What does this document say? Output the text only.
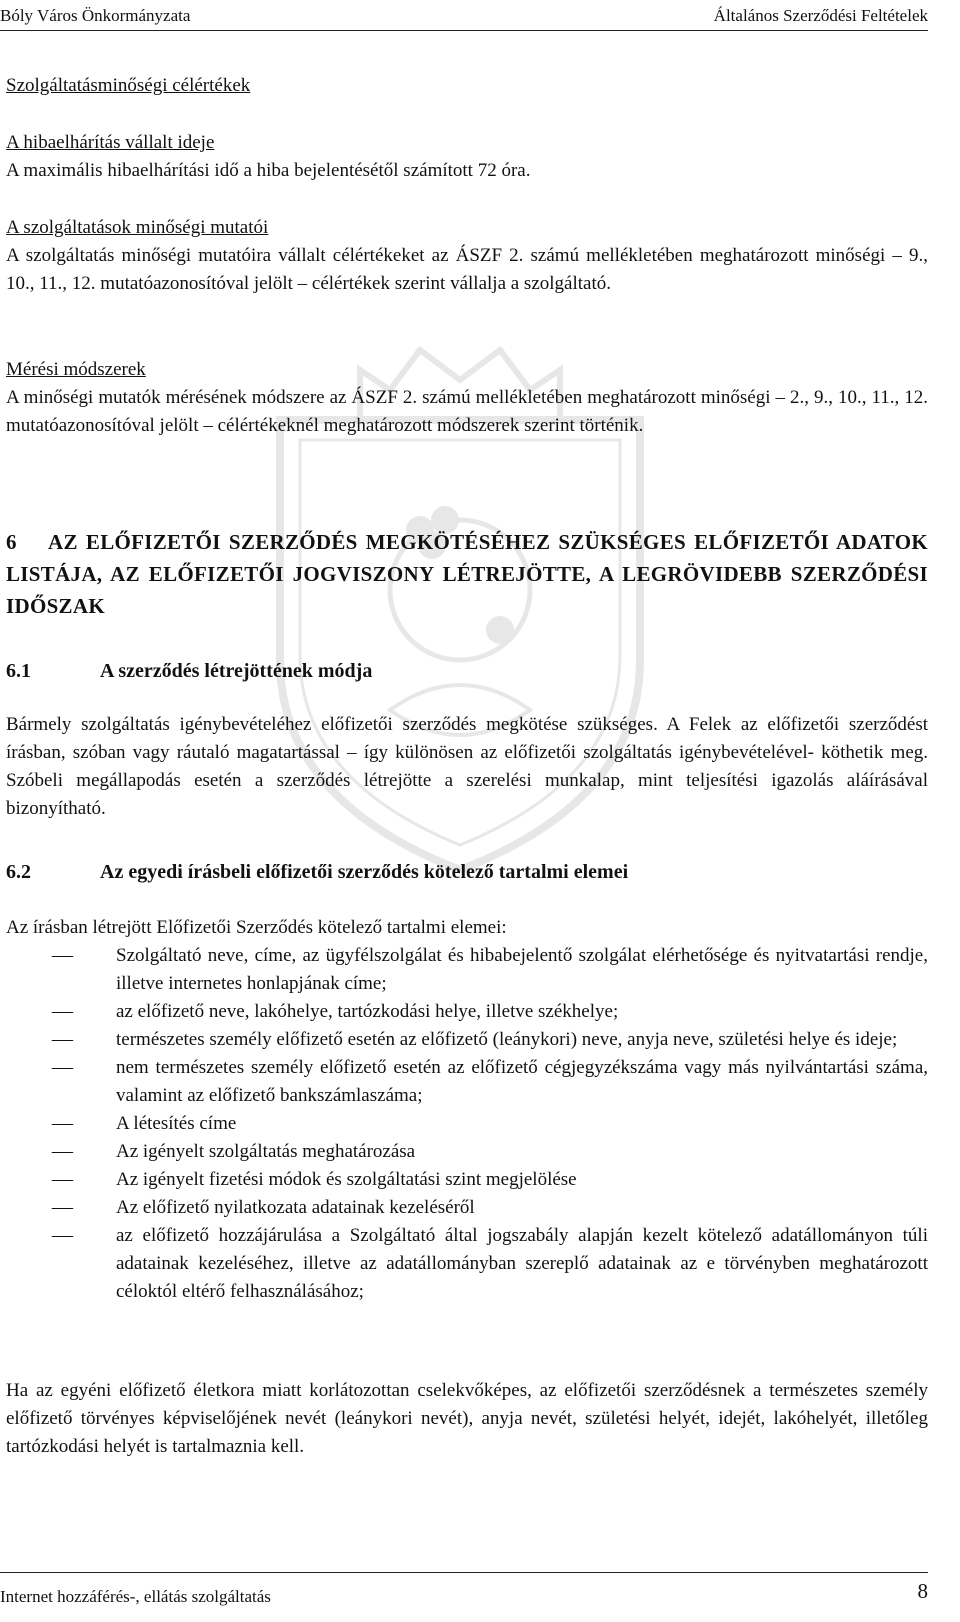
Bóly Város Önkormányzata	Általános Szerződési Feltételek
Szolgáltatásminőségi célértékek
A hibaelhárítás vállalt ideje
A maximális hibaelhárítási idő a hiba bejelentésétől számított 72 óra.
A szolgáltatások minőségi mutatói

A szolgáltatás minőségi mutatóira vállalt célértékeket az ÁSZF 2. számú mellékletében meghatározott minőségi – 9., 10., 11., 12. mutatóazonosítóval jelölt – célértékek szerint vállalja a szolgáltató.

Mérési módszerek

A minőségi mutatók mérésének módszere az ÁSZF 2. számú mellékletében meghatározott minőségi – 2., 9., 10., 11., 12. mutatóazonosítóval jelölt – célértékeknél meghatározott módszerek szerint történik.

6 AZ ELŐFIZETŐI SZERZŐDÉS MEGKÖTÉSÉHEZ SZÜKSÉGES ELŐFIZETŐI ADATOK LISTÁJA, AZ ELŐFIZETŐI JOGVISZONY LÉTREJÖTTE, A LEGRÖVIDEBB SZERZŐDÉSI IDŐSZAK
6.1	A szerződés létrejöttének módja

Bármely szolgáltatás igénybevételéhez előfizetői szerződés megkötése szükséges. A Felek az előfizetői szerződést írásban, szóban vagy ráutaló magatartással – így különösen az előfizetői szolgáltatás igénybevételével- köthetik meg. Szóbeli megállapodás esetén a szerződés létrejötte a szerelési munkalap, mint teljesítési igazolás aláírásával bizonyítható.

6.2	Az egyedi írásbeli előfizetői szerződés kötelező tartalmi elemei
Az írásban létrejött Előfizetői Szerződés kötelező tartalmi elemei:
– Szolgáltató neve, címe, az ügyfélszolgálat és hibabejelentő szolgálat elérhetősége és nyitvatartási rendje, illetve internetes honlapjának címe;
– az előfizető neve, lakóhelye, tartózkodási helye, illetve székhelye;
– természetes személy előfizető esetén az előfizető (leánykori) neve, anyja neve, születési helye és ideje;
– nem természetes személy előfizető esetén az előfizető cégjegyzékszáma vagy más nyilvántartási száma, valamint az előfizető bankszámlaszáma;
– A létesítés címe
– Az igényelt szolgáltatás meghatározása
– Az igényelt fizetési módok és szolgáltatási szint megjelölése
– Az előfizető nyilatkozata adatainak kezeléséről
– az előfizető hozzájárulása a Szolgáltató által jogszabály alapján kezelt kötelező adatállományon túli adatainak kezeléséhez, illetve az adatállományban szereplő adatainak az e törvényben meghatározott céloktól eltérő felhasználásához;

Ha az egyéni előfizető életkora miatt korlátozottan cselekvőképes, az előfizetői szerződésnek a természetes személy előfizető törvényes képviselőjének nevét (leánykori nevét), anyja nevét, születési helyét, idejét, lakóhelyét, illetőleg tartózkodási helyét is tartalmaznia kell.

Internet hozzáférés-, ellátás szolgáltatás	8
